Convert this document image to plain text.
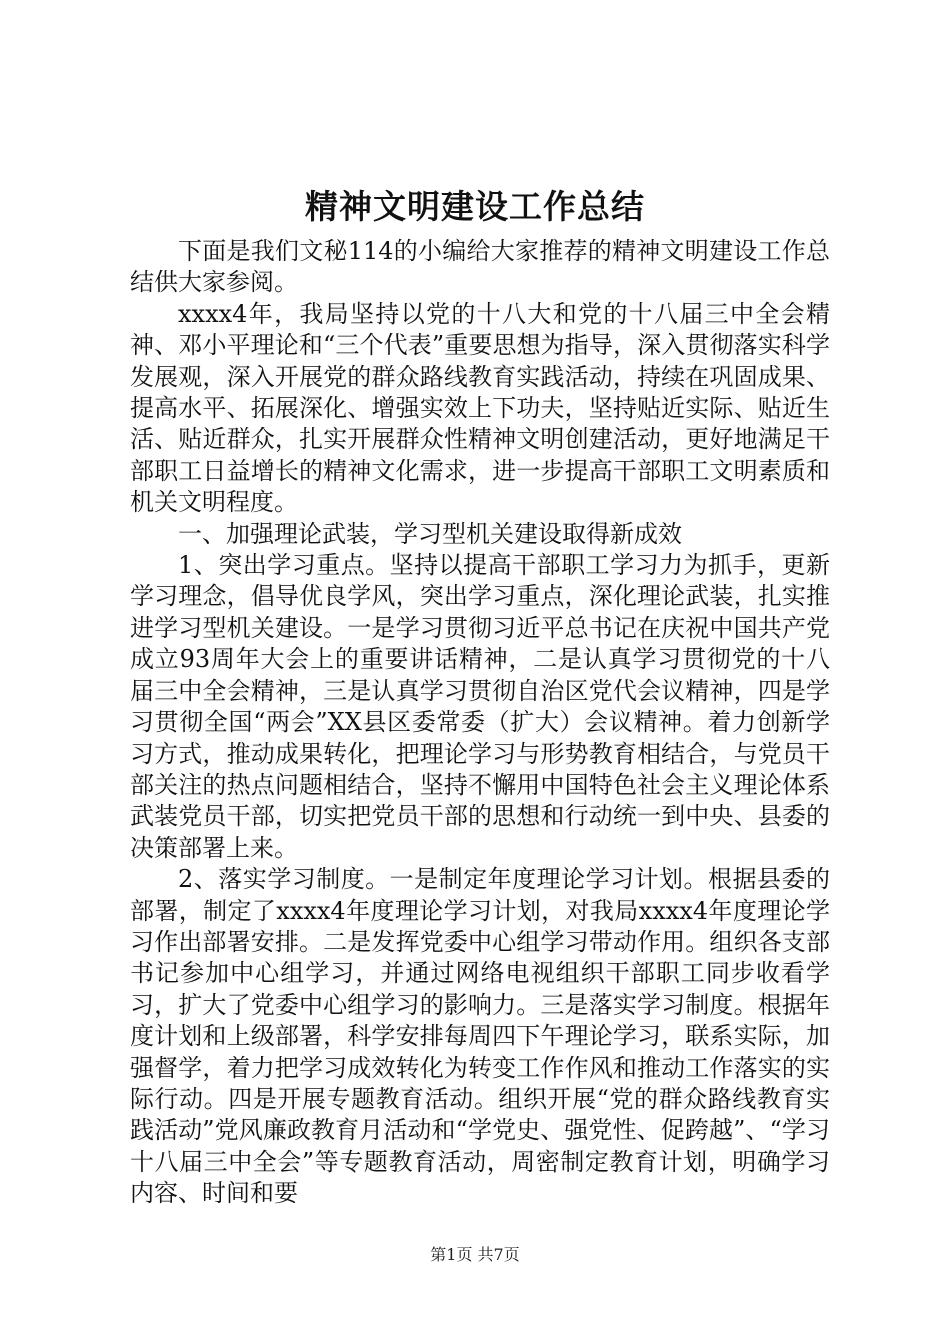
精神文明建设工作总结

下面是我们文秘114的小编给大家推荐的精神文明建设工作总结供大家参阅。

xxxx4年，我局坚持以党的十八大和党的十八届三中全会精神、邓小平理论和“三个代表”重要思想为指导，深入贯彻落实科学发展观，深入开展党的群众路线教育实践活动，持续在巩固成果、提高水平、拓展深化、增强实效上下功夫，坚持贴近实际、贴近生活、贴近群众，扎实开展群众性精神文明创建活动，更好地满足干部职工日益增长的精神文化需求，进一步提高干部职工文明素质和机关文明程度。

一、加强理论武装，学习型机关建设取得新成效

1、突出学习重点。坚持以提高干部职工学习力为抓手，更新学习理念，倡导优良学风，突出学习重点，深化理论武装，扎实推进学习型机关建设。一是学习贯彻习近平总书记在庆祝中国共产党成立93周年大会上的重要讲话精神，二是认真学习贯彻党的十八届三中全会精神，三是认真学习贯彻自治区党代会议精神，四是学习贯彻全国“两会”XX县区委常委（扩大）会议精神。着力创新学习方式，推动成果转化，把理论学习与形势教育相结合，与党员干部关注的热点问题相结合，坚持不懈用中国特色社会主义理论体系武装党员干部，切实把党员干部的思想和行动统一到中央、县委的决策部署上来。

2、落实学习制度。一是制定年度理论学习计划。根据县委的部署，制定了xxxx4年度理论学习计划，对我局xxxx4年度理论学习作出部署安排。二是发挥党委中心组学习带动作用。组织各支部书记参加中心组学习，并通过网络电视组织干部职工同步收看学习，扩大了党委中心组学习的影响力。三是落实学习制度。根据年度计划和上级部署，科学安排每周四下午理论学习，联系实际，加强督学，着力把学习成效转化为转变工作作风和推动工作落实的实际行动。四是开展专题教育活动。组织开展“党的群众路线教育实践活动”党风廉政教育月活动和“学党史、强党性、促跨越”、“学习十八届三中全会”等专题教育活动，周密制定教育计划，明确学习内容、时间和要

第1页 共7页
